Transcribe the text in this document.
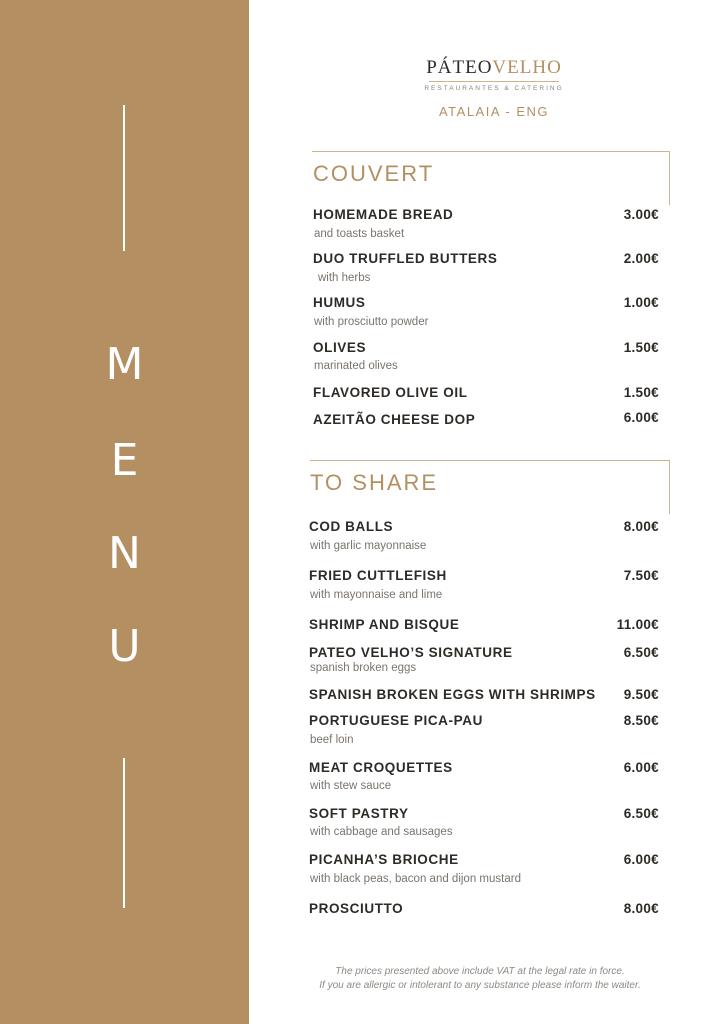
M
E
N
U
PÁTEOVELHO
RESTAURANTES & CATERING
ATALAIA - ENG
COUVERT
HOMEMADE BREAD	3.00€
and toasts basket
DUO TRUFFLED BUTTERS	2.00€
with herbs
HUMUS	1.00€
with prosciutto powder
OLIVES	1.50€
marinated olives
FLAVORED OLIVE OIL	1.50€
AZEITÃO CHEESE DOP	6.00€
TO SHARE
COD BALLS	8.00€
with garlic mayonnaise
FRIED CUTTLEFISH	7.50€
with mayonnaise and lime
SHRIMP AND BISQUE	11.00€
PATEO VELHO’S SIGNATURE	6.50€
spanish broken eggs
SPANISH BROKEN EGGS WITH SHRIMPS 9.50€
PORTUGUESE PICA-PAU	8.50€
beef loin
MEAT CROQUETTES	6.00€
with stew sauce
SOFT PASTRY	6.50€
with cabbage and sausages
PICANHA’S BRIOCHE	6.00€
with black peas, bacon and dijon mustard
PROSCIUTTO	8.00€
The prices presented above include VAT at the legal rate in force.
If you are allergic or intolerant to any substance please inform the waiter.
